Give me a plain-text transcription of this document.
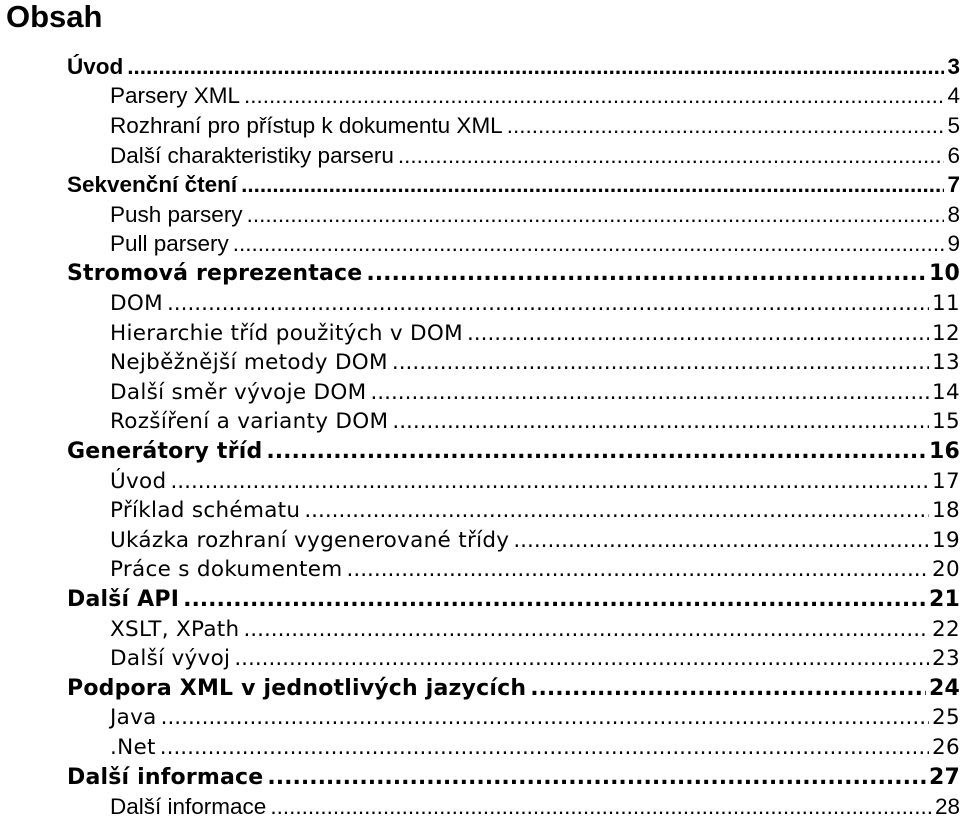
Obsah
Úvod .....	3
Parsery XML .....	4
Rozhraní pro přístup k dokumentu XML .....	5
Další charakteristiky parseru .....	6
Sekvenční čtení .....	7
Push parsery .....	8
Pull parsery .....	9
Stromová reprezentace .....	10
DOM .....	11
Hierarchie tříd použitých v DOM .....	12
Nejběžnější metody DOM .....	13
Další směr vývoje DOM .....	14
Rozšíření a varianty DOM .....	15
Generátory tříd .....	16
Úvod .....	17
Příklad schématu .....	18
Ukázka rozhraní vygenerované třídy .....	19
Práce s dokumentem .....	20
Další API .....	21
XSLT, XPath .....	22
Další vývoj .....	23
Podpora XML v jednotlivých jazycích .....	24
Java .....	25
.Net .....	26
Další informace .....	27
Další informace .....	28
